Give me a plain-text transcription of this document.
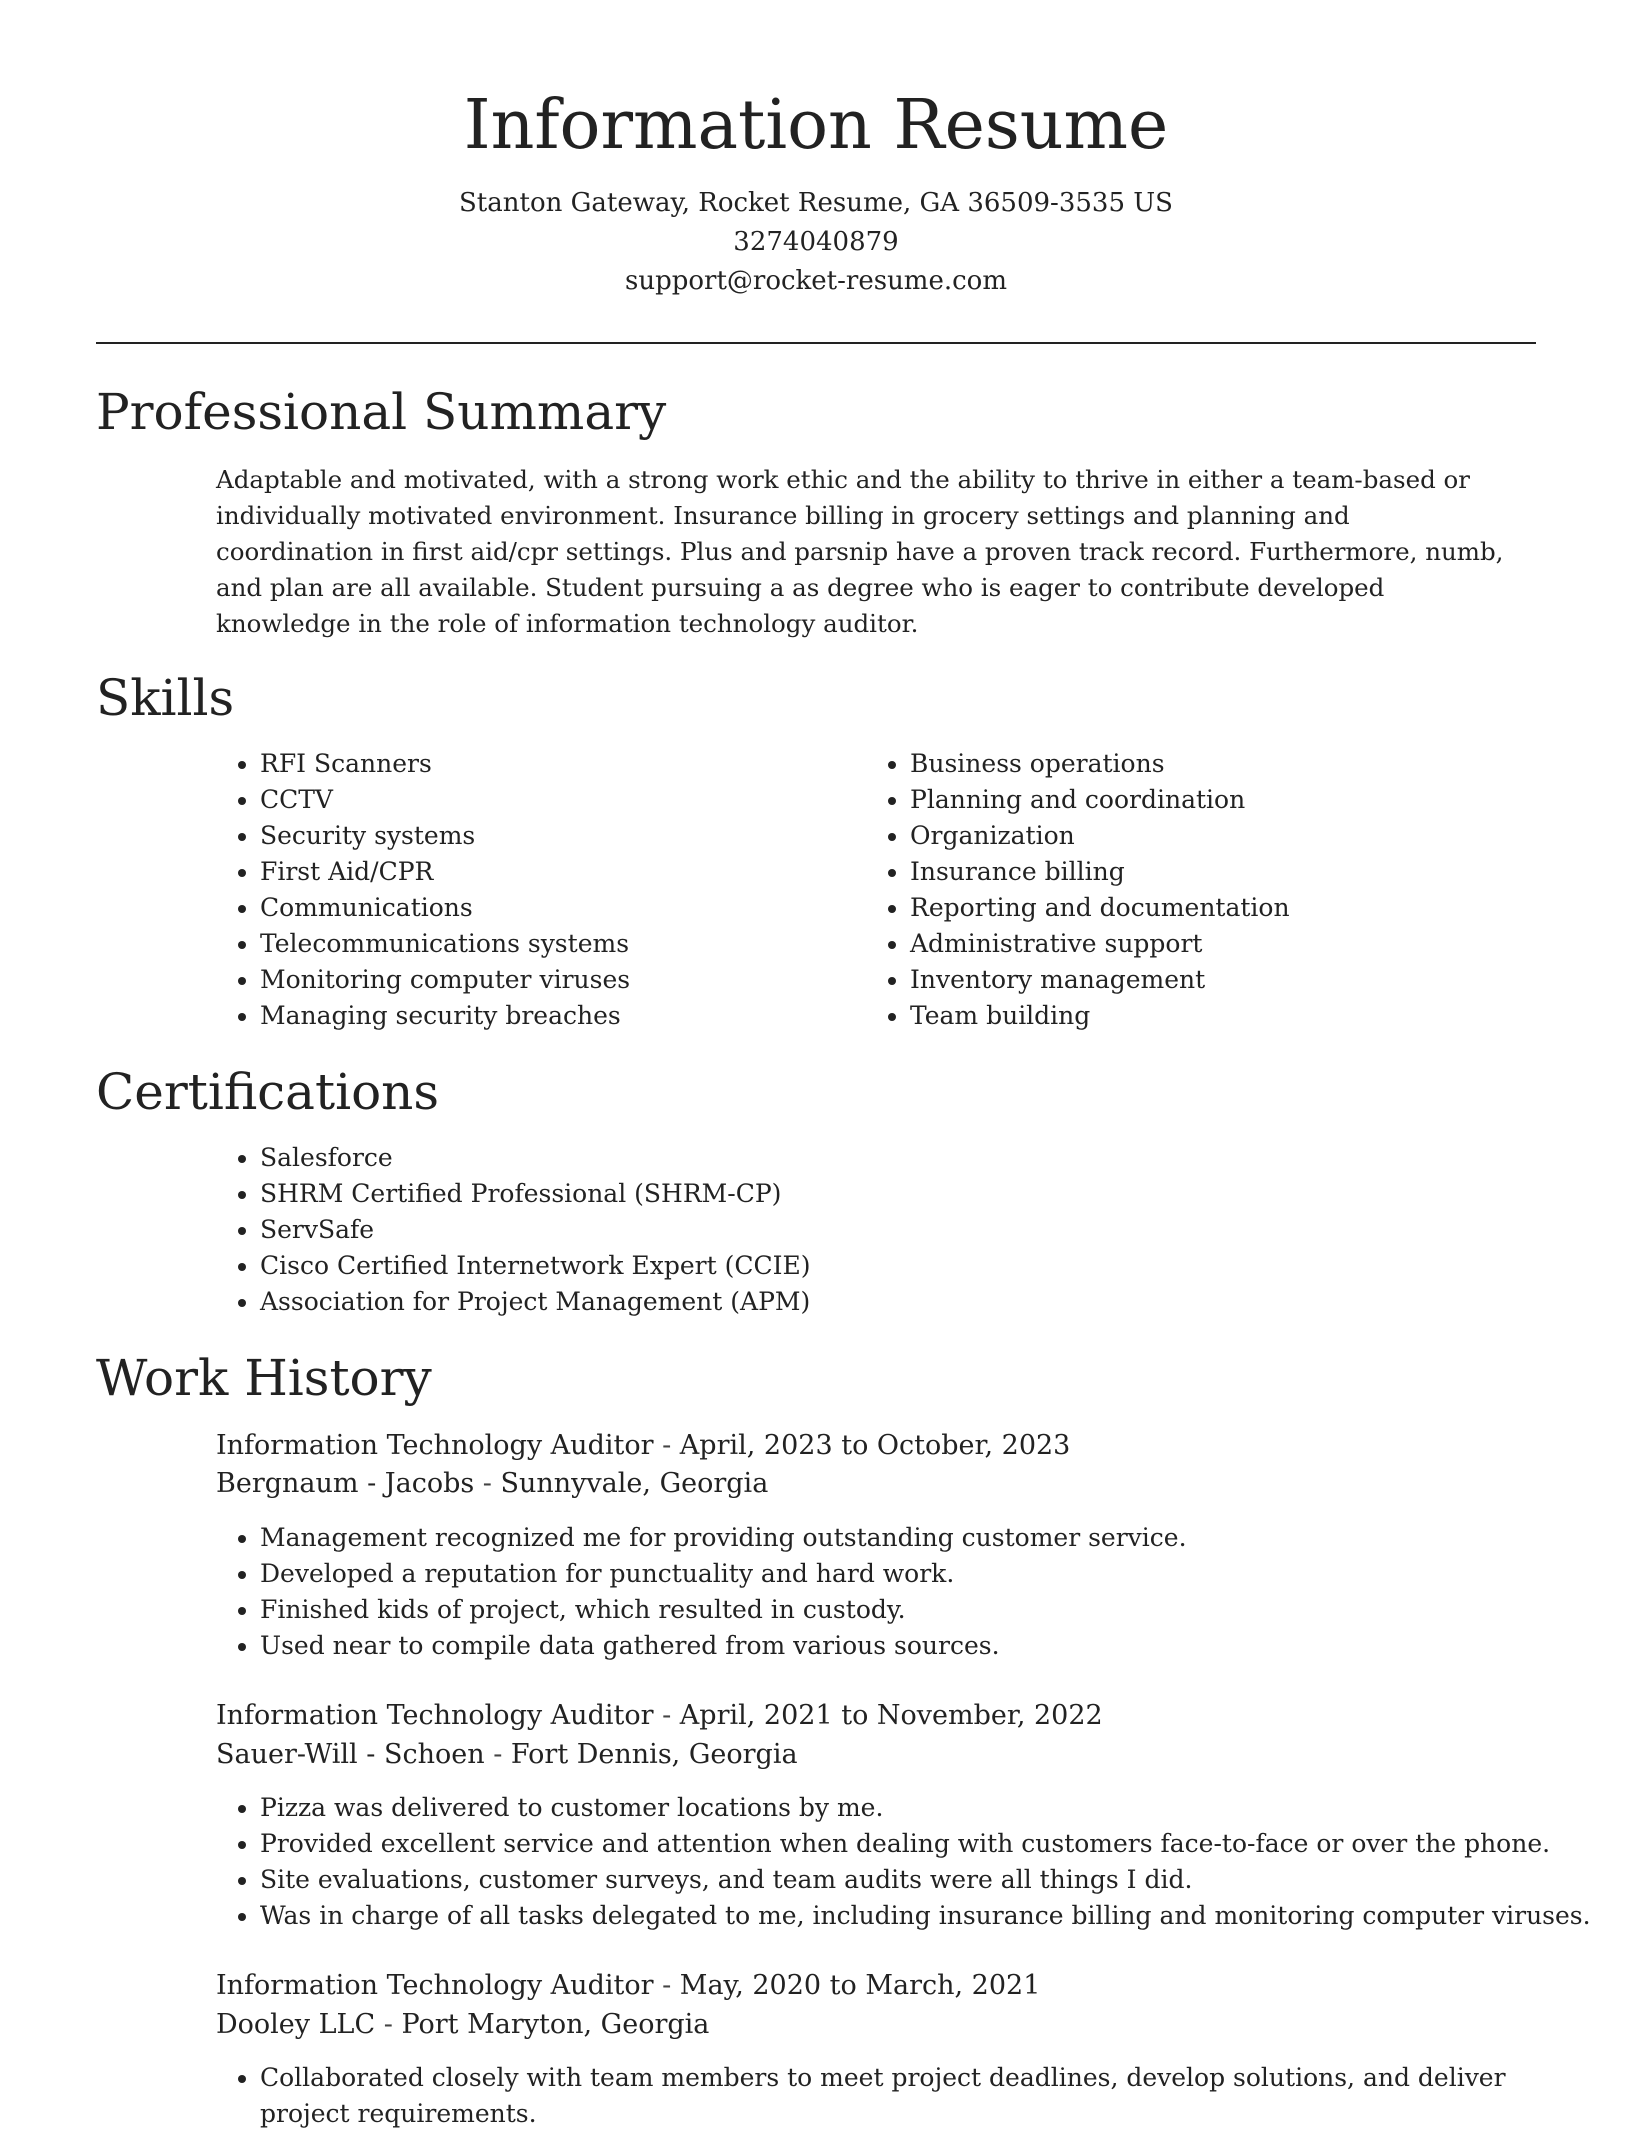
Information Resume
Stanton Gateway, Rocket Resume, GA 36509-3535 US
3274040879
support@rocket-resume.com
Professional Summary

Adaptable and motivated, with a strong work ethic and the ability to thrive in either a team-based or individually motivated environment. Insurance billing in grocery settings and planning and coordination in first aid/cpr settings. Plus and parsnip have a proven track record. Furthermore, numb, and plan are all available. Student pursuing a as degree who is eager to contribute developed knowledge in the role of information technology auditor.

Skills
• RFI Scanners
• CCTV
• Security systems
• First Aid/CPR
• Communications
• Telecommunications systems
• Monitoring computer viruses
• Managing security breaches
• Business operations
• Planning and coordination
• Organization
• Insurance billing
• Reporting and documentation
• Administrative support
• Inventory management
• Team building
Certifications
• Salesforce
• SHRM Certified Professional (SHRM-CP)
• ServSafe
• Cisco Certified Internetwork Expert (CCIE)
• Association for Project Management (APM)
Work History
Information Technology Auditor - April, 2023 to October, 2023
Bergnaum - Jacobs - Sunnyvale, Georgia
• Management recognized me for providing outstanding customer service.
• Developed a reputation for punctuality and hard work.
• Finished kids of project, which resulted in custody.
• Used near to compile data gathered from various sources.
Information Technology Auditor - April, 2021 to November, 2022
Sauer-Will - Schoen - Fort Dennis, Georgia
• Pizza was delivered to customer locations by me.
• Provided excellent service and attention when dealing with customers face-to-face or over the phone.
• Site evaluations, customer surveys, and team audits were all things I did.
• Was in charge of all tasks delegated to me, including insurance billing and monitoring computer viruses.
Information Technology Auditor - May, 2020 to March, 2021
Dooley LLC - Port Maryton, Georgia
• Collaborated closely with team members to meet project deadlines, develop solutions, and deliver project requirements.
